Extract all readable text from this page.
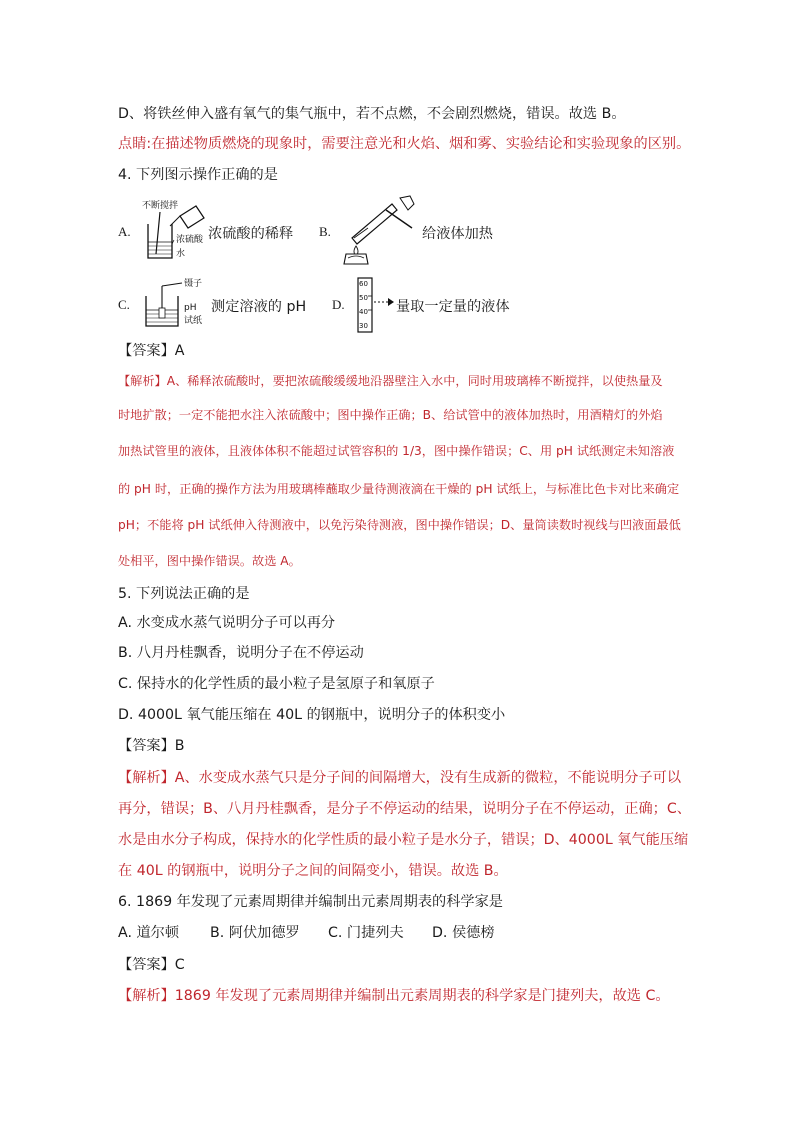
D、将铁丝伸入盛有氧气的集气瓶中，若不点燃，不会剧烈燃烧，错误。故选 B。
点睛:在描述物质燃烧的现象时，需要注意光和火焰、烟和雾、实验结论和实验现象的区别。
4. 下列图示操作正确的是
A.
不断搅拌
浓硫酸
水
浓硫酸的稀释 B.	给液体加热
C.
镊子
pH
试纸
测定溶液的 pH D.
60
50
40
30
量取一定量的液体
【答案】A
【解析】A、稀释浓硫酸时，要把浓硫酸缓缓地沿器壁注入水中，同时用玻璃棒不断搅拌，以使热量及
时地扩散；一定不能把水注入浓硫酸中；图中操作正确；B、给试管中的液体加热时，用酒精灯的外焰
加热试管里的液体，且液体体积不能超过试管容积的 1/3，图中操作错误；C、用 pH 试纸测定未知溶液
的 pH 时，正确的操作方法为用玻璃棒蘸取少量待测液滴在干燥的 pH 试纸上，与标准比色卡对比来确定
pH；不能将 pH 试纸伸入待测液中，以免污染待测液，图中操作错误；D、量筒读数时视线与凹液面最低
处相平，图中操作错误。故选 A。
5. 下列说法正确的是
A. 水变成水蒸气说明分子可以再分
B. 八月丹桂飘香，说明分子在不停运动
C. 保持水的化学性质的最小粒子是氢原子和氧原子
D. 4000L 氧气能压缩在 40L 的钢瓶中，说明分子的体积变小
【答案】B
【解析】A、水变成水蒸气只是分子间的间隔增大，没有生成新的微粒，不能说明分子可以
再分，错误；B、八月丹桂飘香，是分子不停运动的结果，说明分子在不停运动，正确；C、
水是由水分子构成，保持水的化学性质的最小粒子是水分子，错误；D、4000L 氧气能压缩
在 40L 的钢瓶中，说明分子之间的间隔变小，错误。故选 B。
6. 1869 年发现了元素周期律并编制出元素周期表的科学家是
A. 道尔顿 B. 阿伏加德罗 C. 门捷列夫 D. 侯德榜
【答案】C
【解析】1869 年发现了元素周期律并编制出元素周期表的科学家是门捷列夫，故选 C。
